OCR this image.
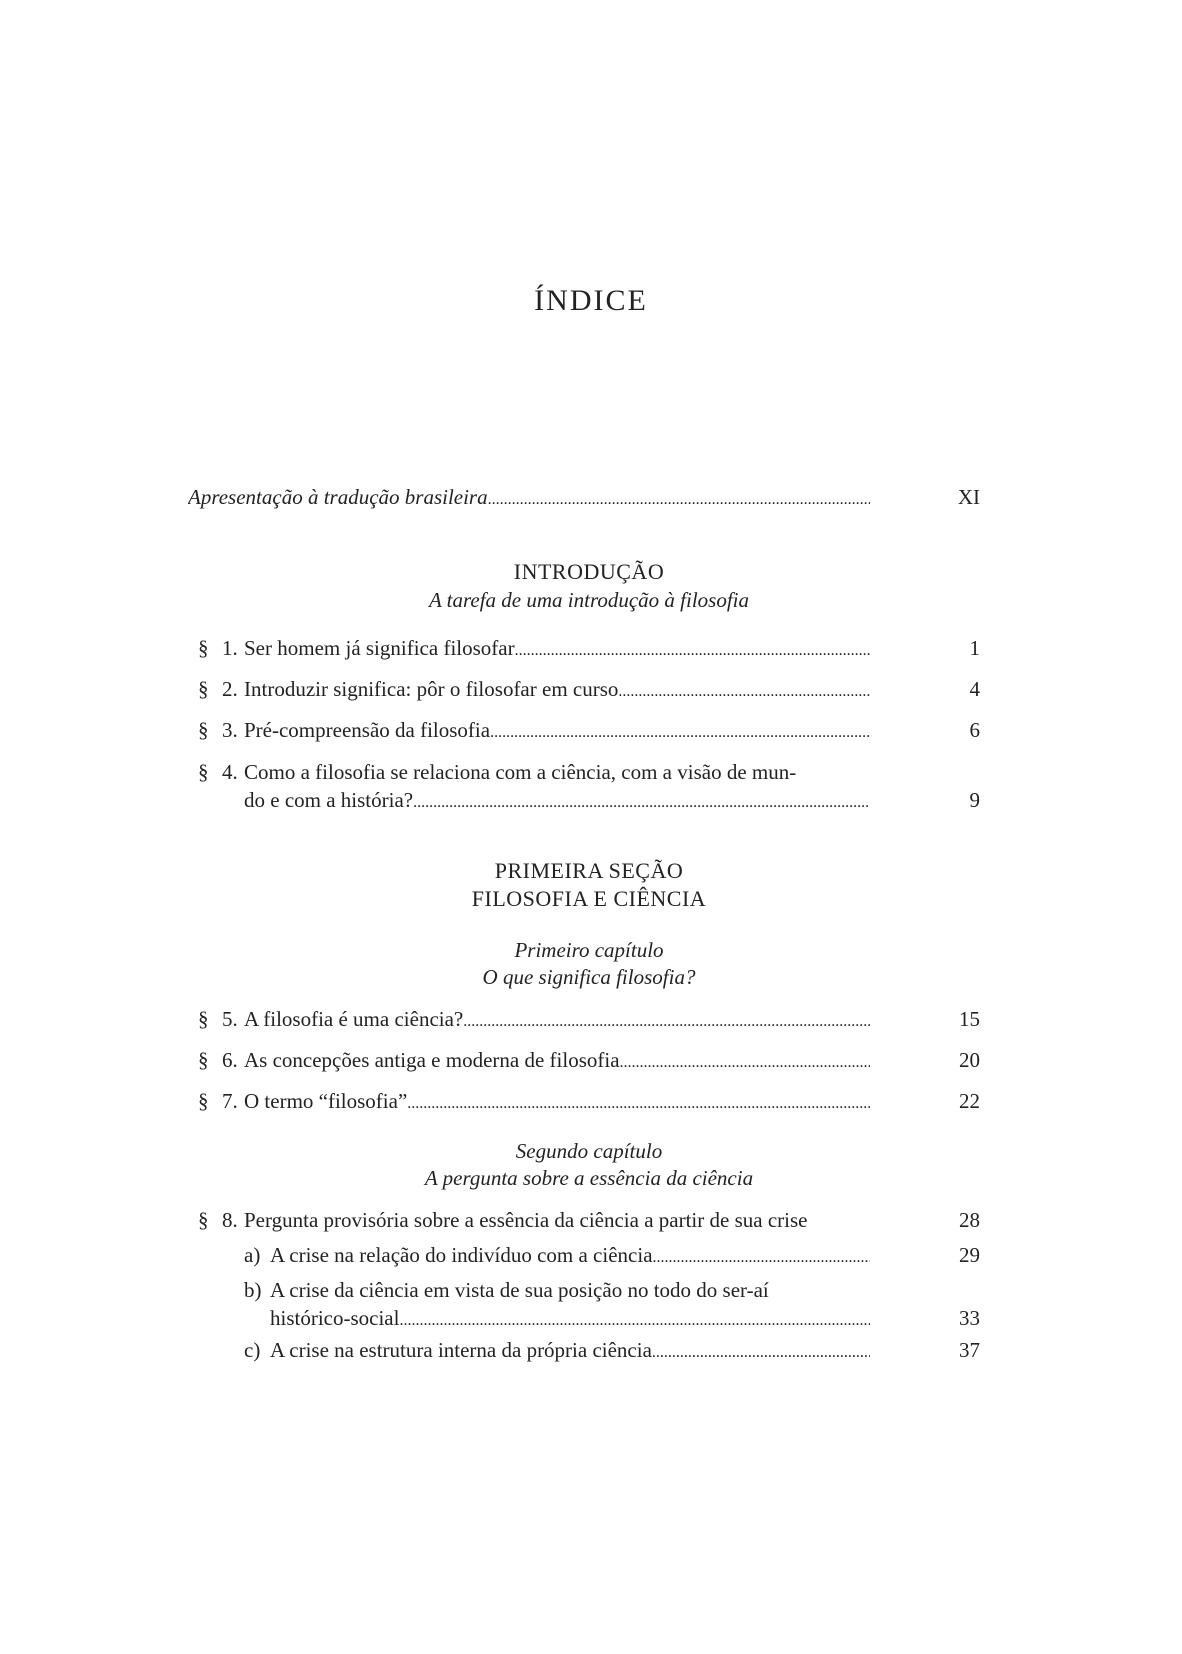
ÍNDICE
Apresentação à tradução brasileira . . .	XI
INTRODUÇÃO
A tarefa de uma introdução à filosofia
§ 1. Ser homem já significa filosofar . . .	1
§ 2. Introduzir significa: pôr o filosofar em curso . . .	4
§ 3. Pré-compreensão da filosofia . . .	6
§ 4. Como a filosofia se relaciona com a ciência, com a visão de mun-
do e com a história? . . .	9
PRIMEIRA SEÇÃO
FILOSOFIA E CIÊNCIA
Primeiro capítulo
O que significa filosofia?
§ 5. A filosofia é uma ciência? . . .	15
§ 6. As concepções antiga e moderna de filosofia . . .	20
§ 7. O termo “filosofia” . . .	22
Segundo capítulo
A pergunta sobre a essência da ciência
§ 8. Pergunta provisória sobre a essência da ciência a partir de sua crise	28
a) A crise na relação do indivíduo com a ciência . . .	29
b) A crise da ciência em vista de sua posição no todo do ser-aí
histórico-social . . .	33
c) A crise na estrutura interna da própria ciência . . .	37
